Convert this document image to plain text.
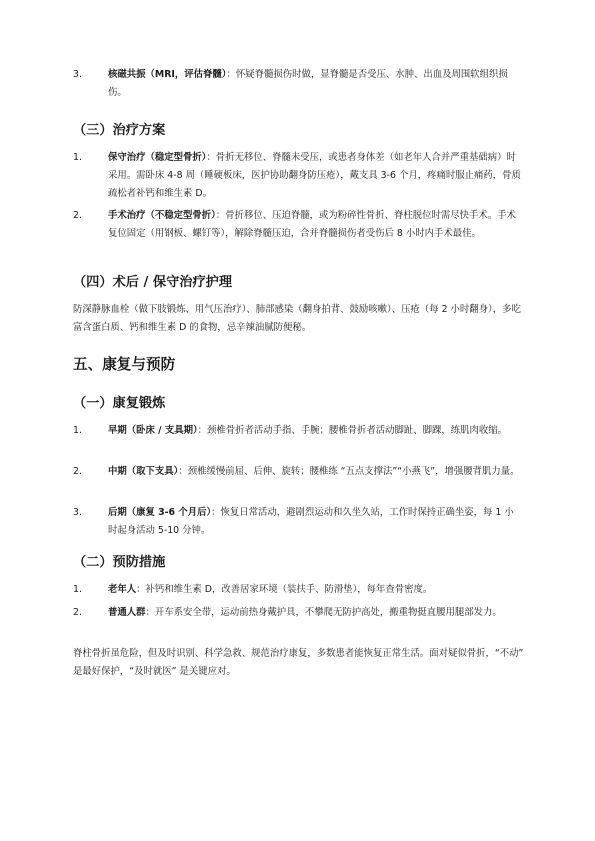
3.	核磁共振（MRI，评估脊髓）：怀疑脊髓损伤时做，显脊髓是否受压、水肿、出血及周围软组织损伤。
（三）治疗方案
1.	保守治疗（稳定型骨折）：骨折无移位、脊髓未受压，或患者身体差（如老年人合并严重基础病）时采用。需卧床 4-8 周（睡硬板床，医护协助翻身防压疮），戴支具 3-6 个月，疼痛时服止痛药，骨质疏松者补钙和维生素 D。
2.	手术治疗（不稳定型骨折）：骨折移位、压迫脊髓，或为粉碎性骨折、脊柱脱位时需尽快手术。手术复位固定（用钢板、螺钉等），解除脊髓压迫，合并脊髓损伤者受伤后 8 小时内手术最佳。
（四）术后 / 保守治疗护理
防深静脉血栓（做下肢锻炼、用气压治疗）、肺部感染（翻身拍背、鼓励咳嗽）、压疮（每 2 小时翻身），多吃富含蛋白质、钙和维生素 D 的食物，忌辛辣油腻防便秘。
五、康复与预防
（一）康复锻炼
1.	早期（卧床 / 支具期）：颈椎骨折者活动手指、手腕；腰椎骨折者活动脚趾、脚踝，练肌肉收缩。
2.	中期（取下支具）：颈椎缓慢前屈、后伸、旋转；腰椎练 “五点支撑法”“小燕飞”，增强腰背肌力量。
3.	后期（康复 3-6 个月后）：恢复日常活动，避剧烈运动和久坐久站，工作时保持正确坐姿，每 1 小时起身活动 5-10 分钟。
（二）预防措施
1.	老年人：补钙和维生素 D，改善居家环境（装扶手、防滑垫），每年查骨密度。
2.	普通人群：开车系安全带，运动前热身戴护具，不攀爬无防护高处，搬重物挺直腰用腿部发力。
脊柱骨折虽危险，但及时识别、科学急救、规范治疗康复，多数患者能恢复正常生活。面对疑似骨折，“不动” 是最好保护，“及时就医” 是关键应对。
